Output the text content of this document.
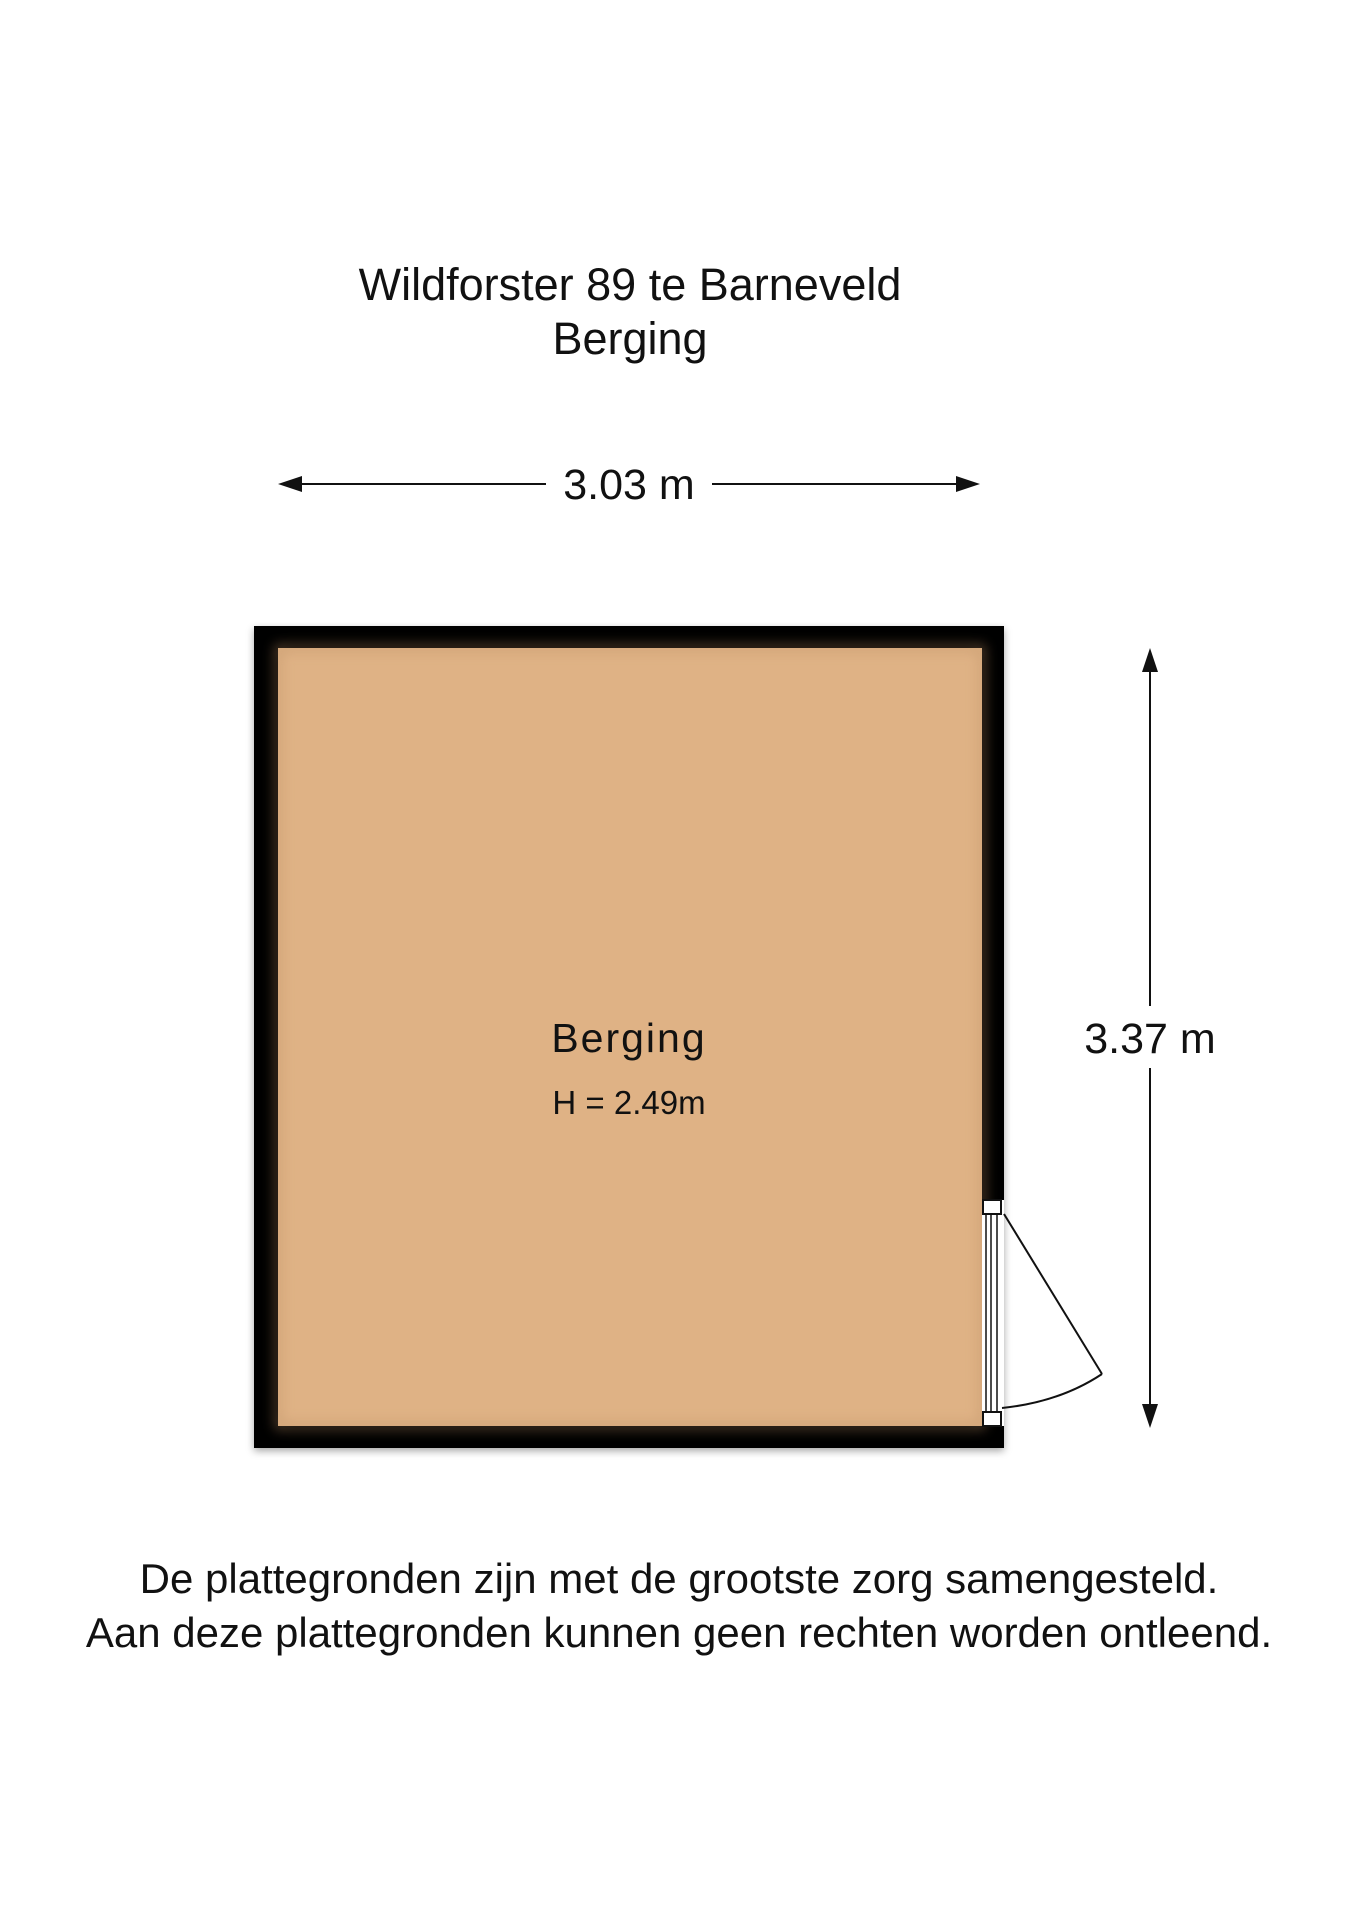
Wildforster 89 te Barneveld
Berging
3.03 m
3.37 m
Berging
H = 2.49m
De plattegronden zijn met de grootste zorg samengesteld.
Aan deze plattegronden kunnen geen rechten worden ontleend.
